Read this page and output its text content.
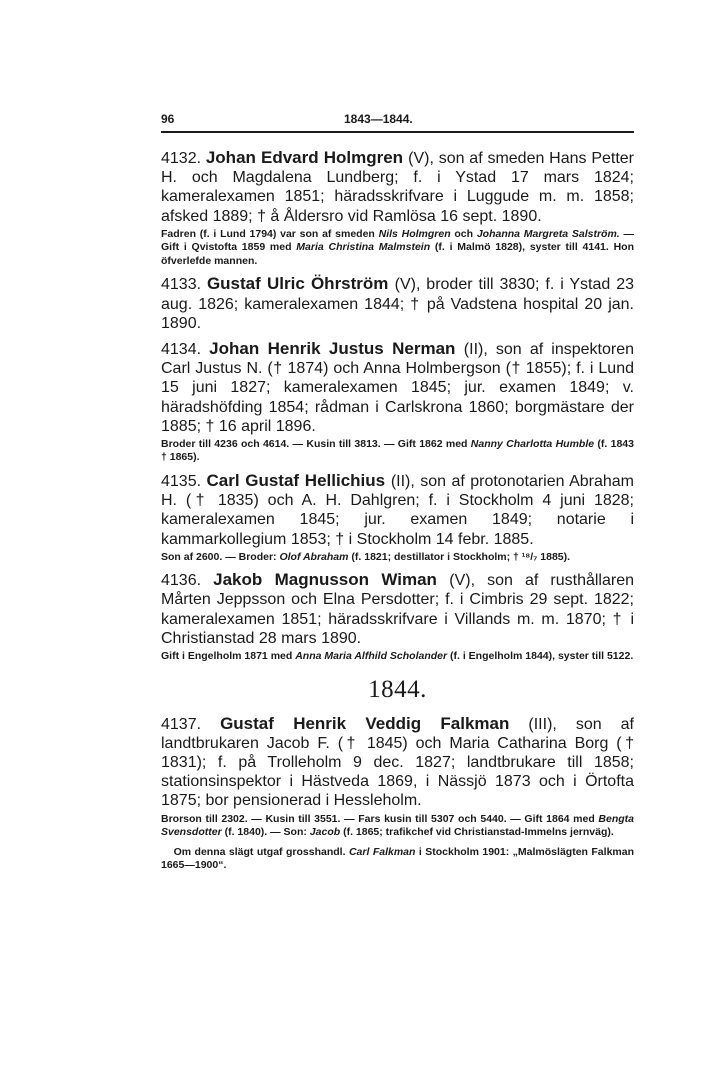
96	1843—1844.

4132. Johan Edvard Holmgren (V), son af smeden Hans Petter H. och Magdalena Lundberg; f. i Ystad 17 mars 1824; kameralexamen 1851; häradsskrifvare i Luggude m. m. 1858; afsked 1889; † å Åldersro vid Ramlösa 16 sept. 1890.

Fadren (f. i Lund 1794) var son af smeden Nils Holmgren och Johanna Margreta Salström. — Gift i Qvistofta 1859 med Maria Christina Malmstein (f. i Malmö 1828), syster till 4141. Hon öfverlefde mannen.

4133. Gustaf Ulric Öhrström (V), broder till 3830; f. i Ystad 23 aug. 1826; kameralexamen 1844; † på Vadstena hospital 20 jan. 1890.

4134. Johan Henrik Justus Nerman (II), son af inspektoren Carl Justus N. († 1874) och Anna Holmbergson († 1855); f. i Lund 15 juni 1827; kameralexamen 1845; jur. examen 1849; v. häradshöfding 1854; rådman i Carlskrona 1860; borgmästare der 1885; † 16 april 1896.

Broder till 4236 och 4614. — Kusin till 3813. — Gift 1862 med Nanny Charlotta Humble (f. 1843 † 1865).

4135. Carl Gustaf Hellichius (II), son af protonotarien Abraham H. († 1835) och A. H. Dahlgren; f. i Stockholm 4 juni 1828; kameralexamen 1845; jur. examen 1849; notarie i kammarkollegium 1853; † i Stockholm 14 febr. 1885.

Son af 2600. — Broder: Olof Abraham (f. 1821; destillator i Stockholm; † ¹⁸/₇ 1885).

4136. Jakob Magnusson Wiman (V), son af rusthållaren Mårten Jeppsson och Elna Persdotter; f. i Cimbris 29 sept. 1822; kameralexamen 1851; häradsskrifvare i Villands m. m. 1870; † i Christianstad 28 mars 1890.

Gift i Engelholm 1871 med Anna Maria Alfhild Scholander (f. i Engelholm 1844), syster till 5122.

1844.

4137. Gustaf Henrik Veddig Falkman (III), son af landtbrukaren Jacob F. († 1845) och Maria Catharina Borg († 1831); f. på Trolleholm 9 dec. 1827; landtbrukare till 1858; stationsinspektor i Hästveda 1869, i Nässjö 1873 och i Örtofta 1875; bor pensionerad i Hessleholm.

Brorson till 2302. — Kusin till 3551. — Fars kusin till 5307 och 5440. — Gift 1864 med Bengta Svensdotter (f. 1840). — Son: Jacob (f. 1865; trafikchef vid Christianstad-Immelns jernväg).

Om denna slägt utgaf grosshandl. Carl Falkman i Stockholm 1901: „Malmöslägten Falkman 1665—1900“.
